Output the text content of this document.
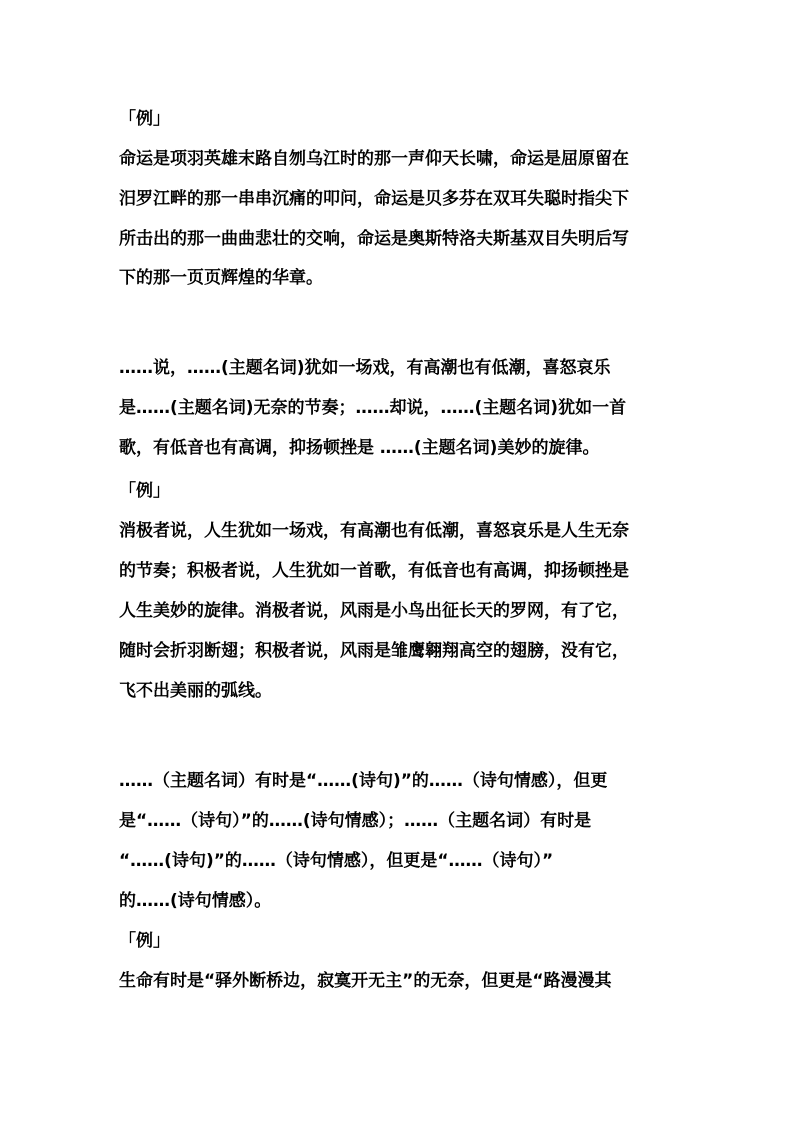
「例」
命运是项羽英雄末路自刎乌江时的那一声仰天长啸，命运是屈原留在
汨罗江畔的那一串串沉痛的叩问，命运是贝多芬在双耳失聪时指尖下
所击出的那一曲曲悲壮的交响，命运是奥斯特洛夫斯基双目失明后写
下的那一页页辉煌的华章。
……说，……(主题名词)犹如一场戏，有高潮也有低潮，喜怒哀乐
是……(主题名词)无奈的节奏；……却说，……(主题名词)犹如一首
歌，有低音也有高调，抑扬顿挫是 ……(主题名词)美妙的旋律。
「例」
消极者说，人生犹如一场戏，有高潮也有低潮，喜怒哀乐是人生无奈
的节奏；积极者说，人生犹如一首歌，有低音也有高调，抑扬顿挫是
人生美妙的旋律。消极者说，风雨是小鸟出征长天的罗网，有了它，
随时会折羽断翅；积极者说，风雨是雏鹰翱翔高空的翅膀，没有它，
飞不出美丽的弧线。
……（主题名词）有时是“……(诗句)”的……（诗句情感），但更
是“……（诗句）”的……(诗句情感）；……（主题名词）有时是
“……(诗句)”的……（诗句情感），但更是“……（诗句）”
的……(诗句情感）。
「例」
生命有时是“驿外断桥边，寂寞开无主”的无奈，但更是“路漫漫其
